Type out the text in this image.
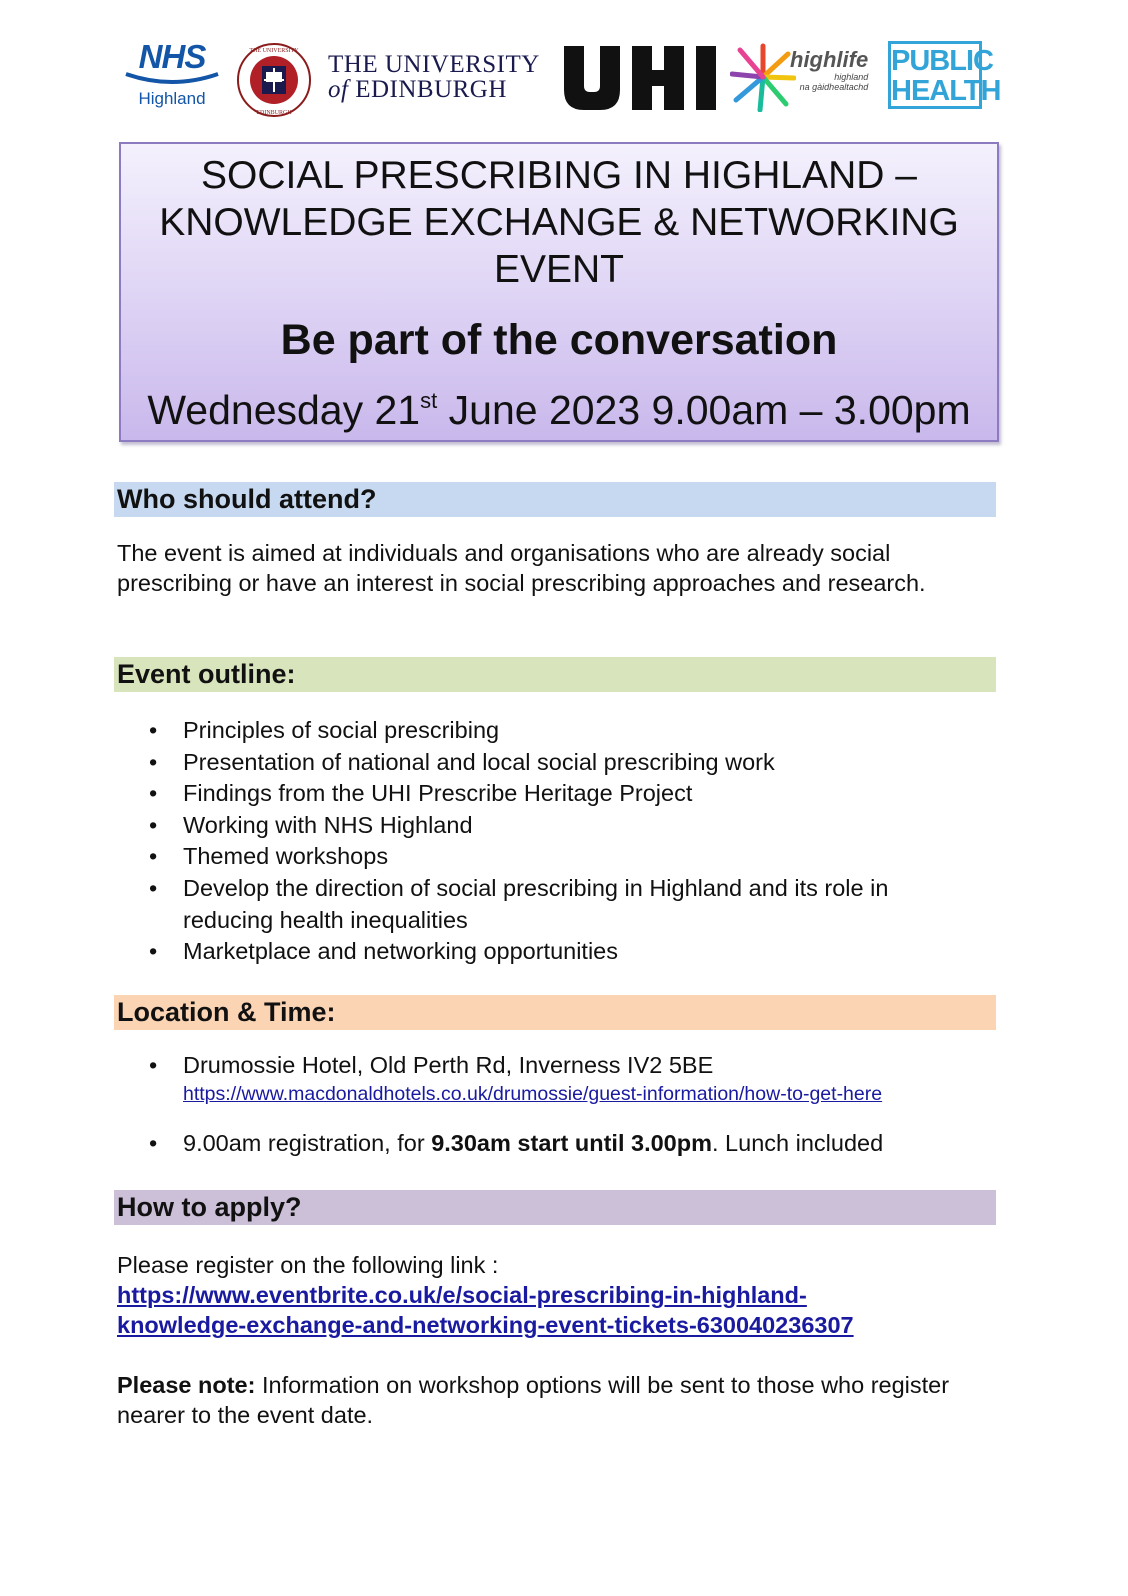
NHS
Highland
THE UNIVERSITY
EDINBURGH
THE UNIVERSITY
of EDINBURGH
highlife
highland
na gàidhealtachd
PUBLIC
HEALTH
SOCIAL PRESCRIBING IN HIGHLAND –
KNOWLEDGE EXCHANGE & NETWORKING
EVENT
Be part of the conversation
Wednesday 21st June 2023 9.00am – 3.00pm
Who should attend?
The event is aimed at individuals and organisations who are already social prescribing or have an interest in social prescribing approaches and research.
Event outline:
• Principles of social prescribing
• Presentation of national and local social prescribing work
• Findings from the UHI Prescribe Heritage Project
• Working with NHS Highland
• Themed workshops
• Develop the direction of social prescribing in Highland and its role in reducing health inequalities
• Marketplace and networking opportunities
Location & Time:
• Drumossie Hotel, Old Perth Rd, Inverness IV2 5BE
https://www.macdonaldhotels.co.uk/drumossie/guest-information/how-to-get-here
• 9.00am registration, for 9.30am start until 3.00pm. Lunch included
How to apply?
Please register on the following link :
https://www.eventbrite.co.uk/e/social-prescribing-in-highland-
knowledge-exchange-and-networking-event-tickets-630040236307
Please note: Information on workshop options will be sent to those who register nearer to the event date.
